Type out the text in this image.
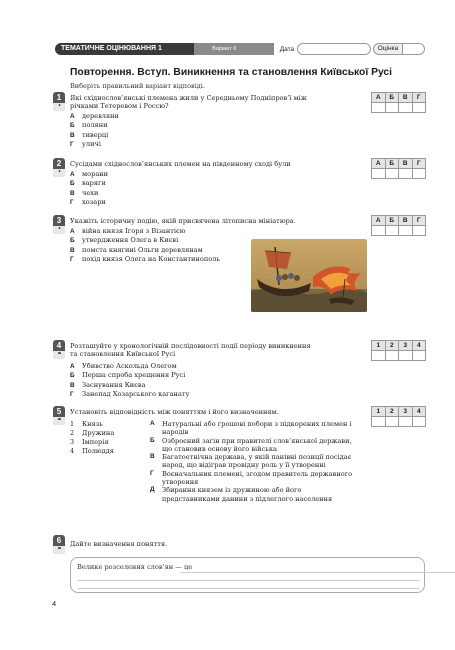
ТЕМАТИЧНЕ ОЦІНЮВАННЯ 1	Варіант II	Дата	Оцінка
Повторення. Вступ. Виникнення та становлення Київської Русі
Виберіть правильний варіант відповіді.
1
•
Які східнослов’янські племена жили у Середньому Подніпров’ї між
річками Тетеревом і Россю?
А	деревляни
Б	поляни
В	тиверці
Г	уличі
А	Б	В	Г

2
•
Сусідами східнослов’янських племен на південному сході були
А	морани
Б	варяги
В	чехи
Г	хозари
А	Б	В	Г

3
•
Укажіть історичну подію, якій присвячена літописна мініатюра.
А	війна князя Ігоря з Візантією
Б	утвердження Олега в Києві
В	помста княгині Ольги деревлянам
Г	похід князя Олега на Константинополь
А	Б	В	Г

4
••
Розташуйте у хронологічній послідовності події періоду виникнення
та становлення Київської Русі
А	Убивство Аскольда Олегом
Б	Перша спроба хрещення Русі
В	Заснування Києва
Г	Занепад Хозарського каганату
1	2	3	4

5
••
Установіть відповідність між поняттям і його визначенням.	1	2	3	4

1	Князь
2	Дружина
3	Імперія
4	Полюддя
А	Натуральні або грошові побори з підкорених племен і народів
Б	Озброєний загін при правителі слов’янської держави, що становив основу його війська
В	Багатоетнічна держава, у якій панівні позиції посідає народ, що відіграв провідну роль у її утворенні
Г	Воєначальник племені, згодом правитель державного утворення
Д	Збирання князем із дружиною або його представниками данини з підлеглого населення
6
••
Дайте визначення поняття.
Велике розселення слов’ян — це
4
